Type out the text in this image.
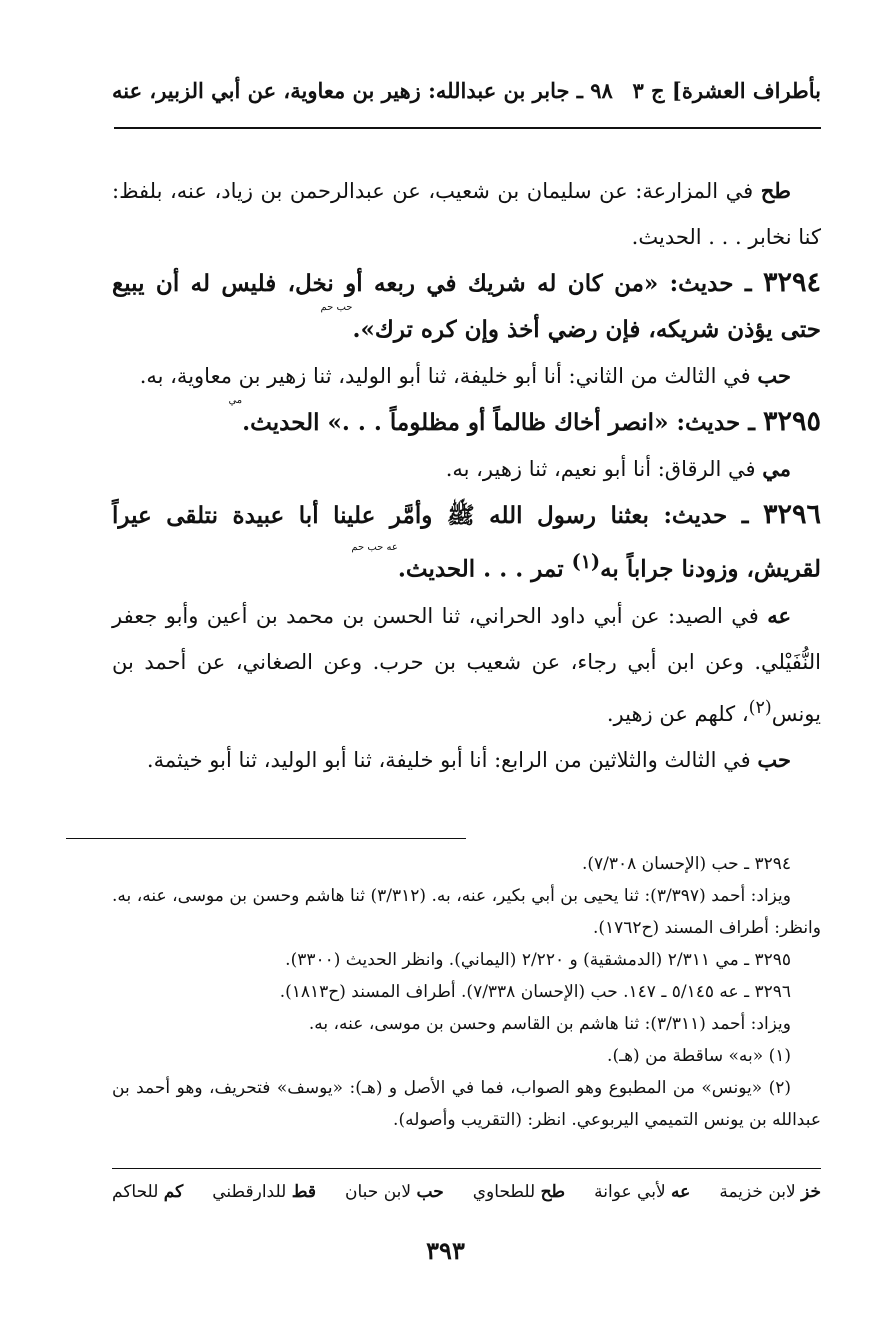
بأطراف العشرة] ج ٣
٩٨ ـ جابر بن عبدالله: زهير بن معاوية، عن أبي الزبير، عنه

طح في المزارعة: عن سليمان بن شعيب، عن عبدالرحمن بن زياد، عنه، بلفظ: كنا نخابر . . . الحديث.

٣٢٩٤ ـ حديث: «من كان له شريك في ربعه أو نخل، فليس له أن يبيع حتى يؤذن شريكه، فإن رضي أخذ وإن كره ترك».
حب حم

حب في الثالث من الثاني: أنا أبو خليفة، ثنا أبو الوليد، ثنا زهير بن معاوية، به.

٣٢٩٥ ـ حديث: «انصر أخاك ظالماً أو مظلوماً . . .» الحديث.
مي

مي في الرقاق: أنا أبو نعيم، ثنا زهير، به.

٣٢٩٦ ـ حديث: بعثنا رسول الله ﷺ وأمَّر علينا أبا عبيدة نتلقى عيراً لقريش، وزودنا جراباً به$^{(١)}$ تمر . . . الحديث.
عه حب حم

عه في الصيد: عن أبي داود الحراني، ثنا الحسن بن محمد بن أعين وأبو جعفر النُّفَيْلي. وعن ابن أبي رجاء، عن شعيب بن حرب. وعن الصغاني، عن أحمد بن يونس$^{(٢)}$، كلهم عن زهير.

حب في الثالث والثلاثين من الرابع: أنا أبو خليفة، ثنا أبو الوليد، ثنا أبو خيثمة.

٣٢٩٤ ـ حب (الإحسان ٧/٣٠٨).

ويزاد: أحمد (٣/٣٩٧): ثنا يحيى بن أبي بكير، عنه، به. (٣/٣١٢) ثنا هاشم وحسن بن موسى، عنه، به. وانظر: أطراف المسند (ح١٧٦٢).

٣٢٩٥ ـ مي ٢/٣١١ (الدمشقية) و ٢/٢٢٠ (اليماني). وانظر الحديث (٣٣٠٠).

٣٢٩٦ ـ عه ٥/١٤٥ ـ ١٤٧. حب (الإحسان ٧/٣٣٨). أطراف المسند (ح١٨١٣).

ويزاد: أحمد (٣/٣١١): ثنا هاشم بن القاسم وحسن بن موسى، عنه، به.

(١) «به» ساقطة من (هـ).

(٢) «يونس» من المطبوع وهو الصواب، فما في الأصل و (هـ): «يوسف» فتحريف، وهو أحمد بن عبدالله بن يونس التميمي اليربوعي. انظر: (التقريب وأصوله).

خز لابن خزيمة
عه لأبي عوانة
طح للطحاوي
حب لابن حبان
قط للدارقطني
كم للحاكم
٣٩٣
